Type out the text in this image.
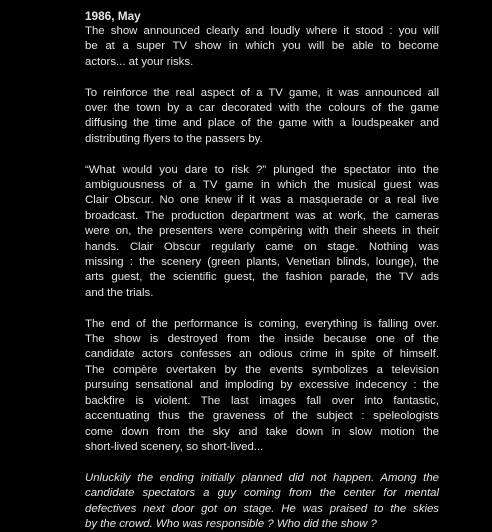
1986, May

The show announced clearly and loudly where it stood : you will
be at a super TV show in which you will be able to become
actors... at your risks.

To reinforce the real aspect of a TV game, it was announced all
over the town by a car decorated with the colours of the game
diffusing the time and place of the game with a loudspeaker and
distributing flyers to the passers by.

“What would you dare to risk ?” plunged the spectator into the
ambiguousness of a TV game in which the musical guest was
Clair Obscur. No one knew if it was a masquerade or a real live
broadcast. The production department was at work, the cameras
were on, the presenters were compèring with their sheets in their
hands. Clair Obscur regularly came on stage. Nothing was
missing : the scenery (green plants, Venetian blinds, lounge), the
arts guest, the scientific guest, the fashion parade, the TV ads
and the trials.

The end of the performance is coming, everything is falling over.
The show is destroyed from the inside because one of the
candidate actors confesses an odious crime in spite of himself.
The compère overtaken by the events symbolizes a television
pursuing sensational and imploding by excessive indecency : the
backfire is violent. The last images fall over into fantastic,
accentuating thus the graveness of the subject : speleologists
come down from the sky and take down in slow motion the
short-lived scenery, so short-lived...

Unluckily the ending initially planned did not happen. Among the
candidate spectators a guy coming from the center for mental
defectives next door got on stage. He was praised to the skies
by the crowd. Who was responsible ? Who did the show ?
